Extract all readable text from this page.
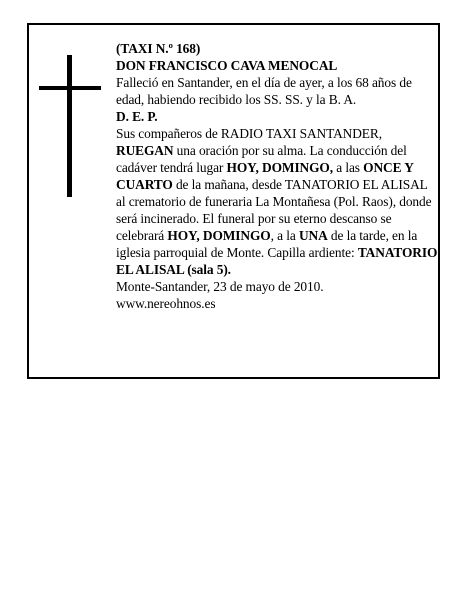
(TAXI N.º 168)

DON FRANCISCO CAVA MENOCAL

Falleció en Santander, en el día de ayer, a los 68 años de edad, habiendo recibido los SS. SS. y la B. A.

D. E. P.

Sus compañeros de RADIO TAXI SANTANDER, RUEGAN una oración por su alma. La conducción del cadáver tendrá lugar HOY, DOMINGO, a las ONCE Y CUARTO de la mañana, desde TANATORIO EL ALISAL al crematorio de funeraria La Montañesa (Pol. Raos), donde será incinerado. El funeral por su eterno descanso se celebrará HOY, DOMINGO, a la UNA de la tarde, en la iglesia parroquial de Monte. Capilla ardiente: TANATORIO EL ALISAL (sala 5).

Monte-Santander, 23 de mayo de 2010.

www.nereohnos.es
